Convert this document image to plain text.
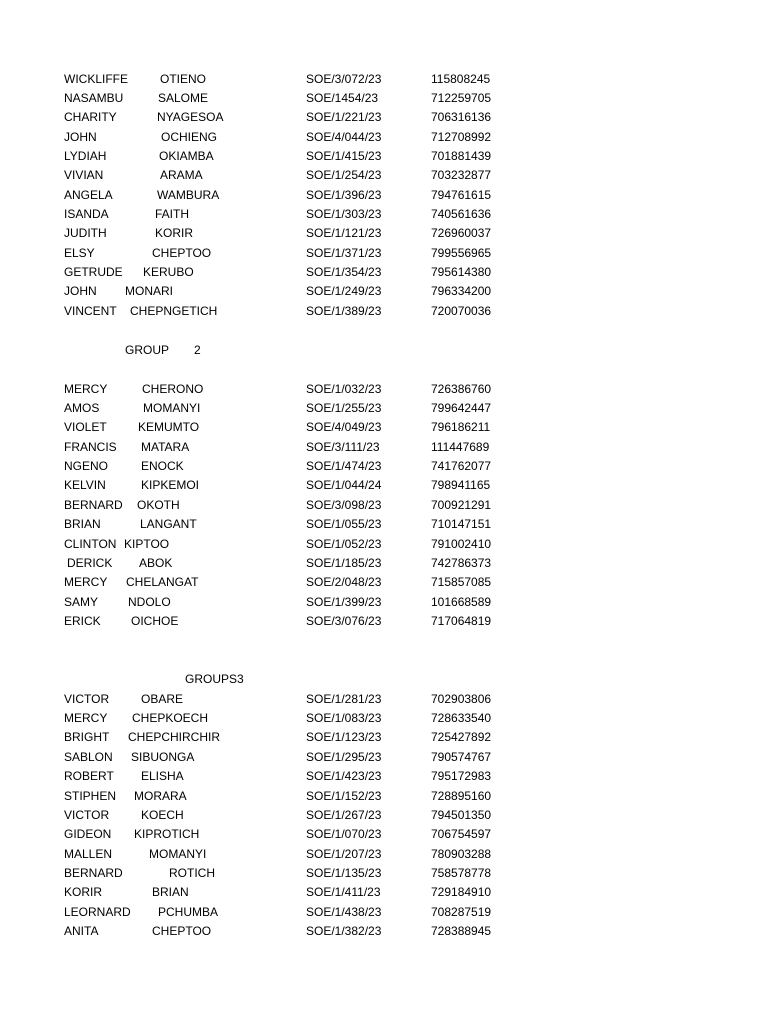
WICKLIFFE	OTIENO	SOE/3/072/23	115808245
NASAMBU	SALOME	SOE/1454/23	712259705
CHARITY	NYAGESOA	SOE/1/221/23	706316136
JOHN	OCHIENG	SOE/4/044/23	712708992
LYDIAH	OKIAMBA	SOE/1/415/23	701881439
VIVIAN	ARAMA	SOE/1/254/23	703232877
ANGELA	WAMBURA	SOE/1/396/23	794761615
ISANDA	FAITH	SOE/1/303/23	740561636
JUDITH	KORIR	SOE/1/121/23	726960037
ELSY	CHEPTOO	SOE/1/371/23	799556965
GETRUDE KERUBO	SOE/1/354/23	795614380
JOHN MONARI	SOE/1/249/23	796334200
VINCENT CHEPNGETICH	SOE/1/389/23	720070036
GROUP 2
MERCY	CHERONO	SOE/1/032/23	726386760
AMOS	MOMANYI	SOE/1/255/23	799642447
VIOLET	KEMUMTO	SOE/4/049/23	796186211
FRANCIS MATARA	SOE/3/111/23	111447689
NGENO	ENOCK	SOE/1/474/23	741762077
KELVIN	KIPKEMOI	SOE/1/044/24	798941165
BERNARD OKOTH	SOE/3/098/23	700921291
BRIAN	LANGANT	SOE/1/055/23	710147151
CLINTON KIPTOO	SOE/1/052/23	791002410
DERICK ABOK	SOE/1/185/23	742786373
MERCY CHELANGAT	SOE/2/048/23	715857085
SAMY NDOLO	SOE/1/399/23	101668589
ERICK	OICHOE	SOE/3/076/23	717064819
GROUPS 3
VICTOR	OBARE	SOE/1/281/23	702903806
MERCY CHEPKOECH	SOE/1/083/23	728633540
BRIGHT CHEPCHIRCHIR	SOE/1/123/23	725427892
SABLON SIBUONGA	SOE/1/295/23	790574767
ROBERT ELISHA	SOE/1/423/23	795172983
STIPHEN MORARA	SOE/1/152/23	728895160
VICTOR	KOECH	SOE/1/267/23	794501350
GIDEON KIPROTICH	SOE/1/070/23	706754597
MALLEN	MOMANYI	SOE/1/207/23	780903288
BERNARD	ROTICH	SOE/1/135/23	758578778
KORIR	BRIAN	SOE/1/411/23	729184910
LEORNARD PCHUMBA	SOE/1/438/23	708287519
ANITA	CHEPTOO	SOE/1/382/23	728388945
